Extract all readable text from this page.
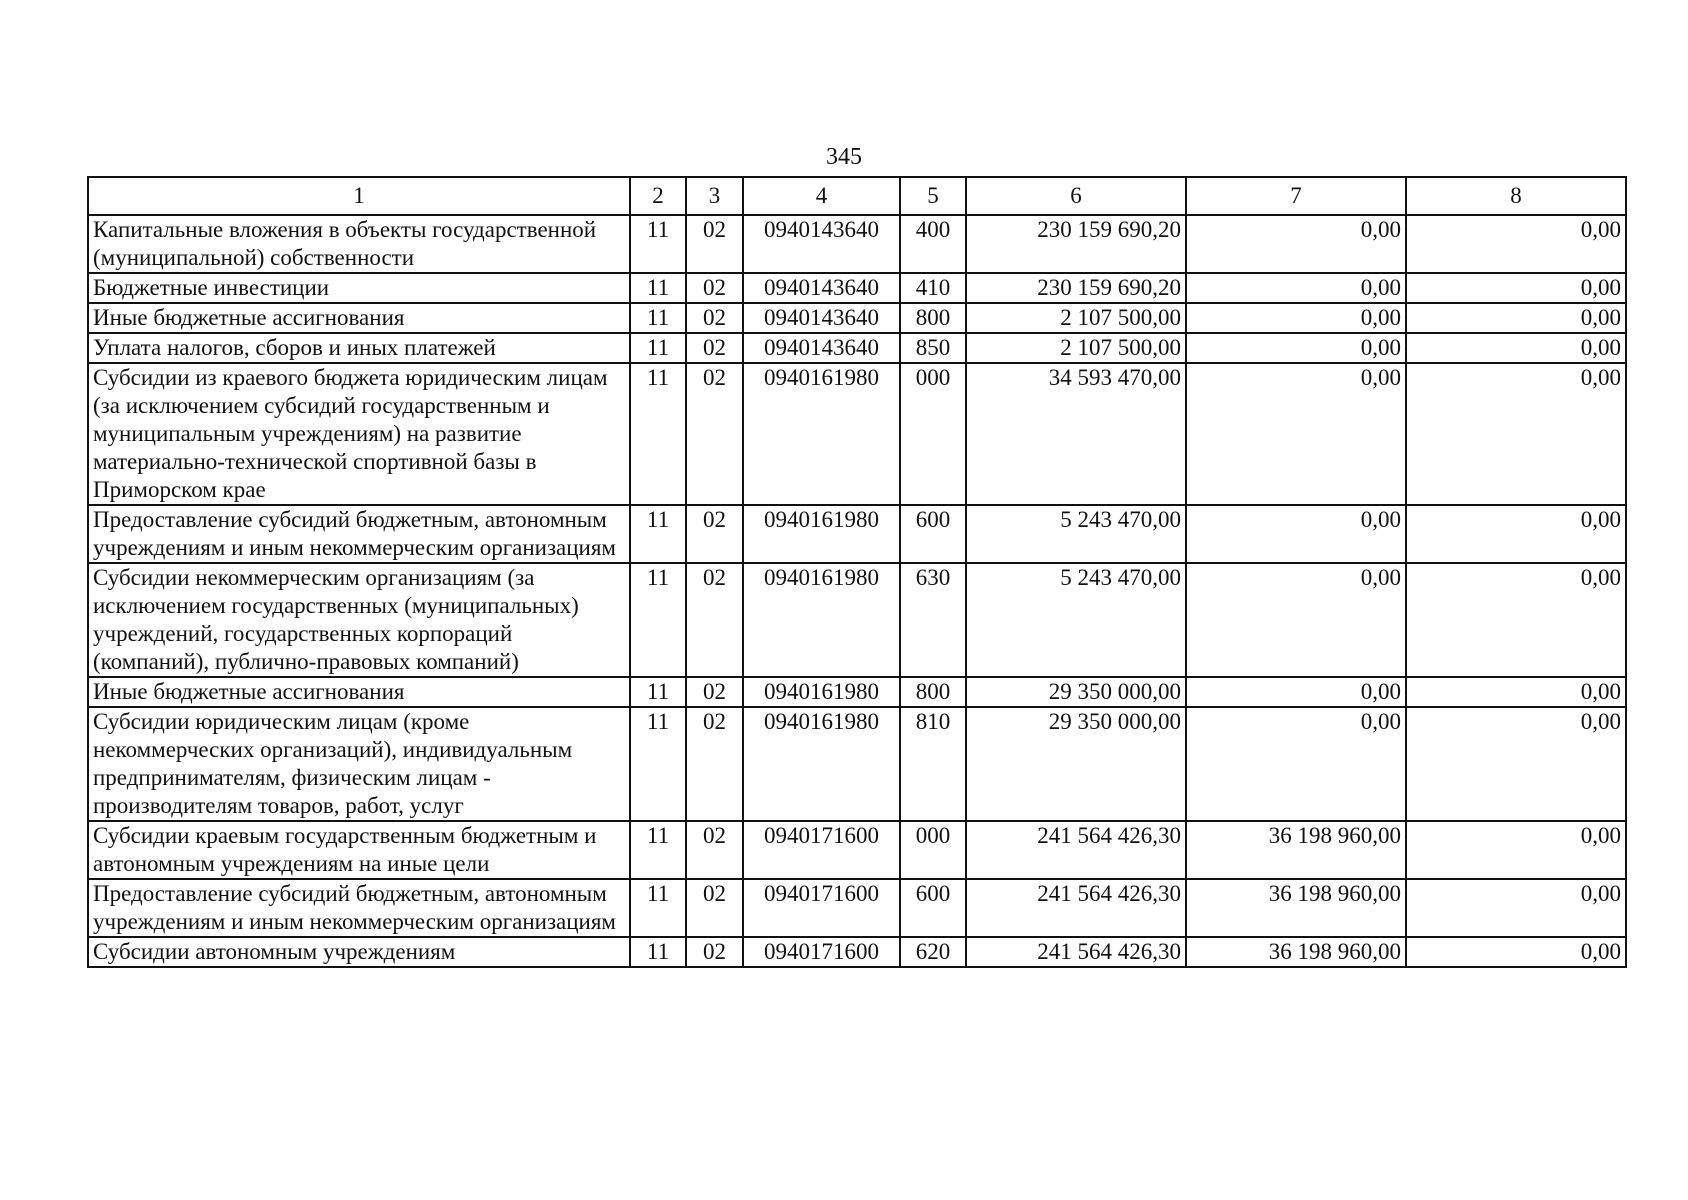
345
1	2	3	4	5	6	7	8
Капитальные вложения в объекты государственной (муниципальной) собственности	11	02	0940143640	400	230 159 690,20	0,00	0,00
Бюджетные инвестиции	11	02	0940143640	410	230 159 690,20	0,00	0,00
Иные бюджетные ассигнования	11	02	0940143640	800	2 107 500,00	0,00	0,00
Уплата налогов, сборов и иных платежей	11	02	0940143640	850	2 107 500,00	0,00	0,00
Субсидии из краевого бюджета юридическим лицам (за исключением субсидий государственным и муниципальным учреждениям) на развитие материально-технической спортивной базы в Приморском крае	11	02	0940161980	000	34 593 470,00	0,00	0,00
Предоставление субсидий бюджетным, автономным учреждениям и иным некоммерческим организациям	11	02	0940161980	600	5 243 470,00	0,00	0,00
Субсидии некоммерческим организациям (за исключением государственных (муниципальных) учреждений, государственных корпораций (компаний), публично-правовых компаний)	11	02	0940161980	630	5 243 470,00	0,00	0,00
Иные бюджетные ассигнования	11	02	0940161980	800	29 350 000,00	0,00	0,00
Субсидии юридическим лицам (кроме некоммерческих организаций), индивидуальным предпринимателям, физическим лицам - производителям товаров, работ, услуг	11	02	0940161980	810	29 350 000,00	0,00	0,00
Субсидии краевым государственным бюджетным и автономным учреждениям на иные цели	11	02	0940171600	000	241 564 426,30	36 198 960,00	0,00
Предоставление субсидий бюджетным, автономным учреждениям и иным некоммерческим организациям	11	02	0940171600	600	241 564 426,30	36 198 960,00	0,00
Субсидии автономным учреждениям	11	02	0940171600	620	241 564 426,30	36 198 960,00	0,00
